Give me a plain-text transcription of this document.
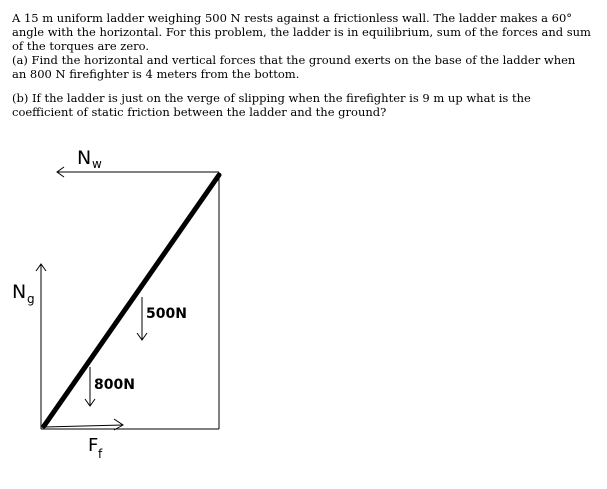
A 15 m uniform ladder weighing 500 N rests against a frictionless wall. The ladder makes a 60° angle with the horizontal. For this problem, the ladder is in equilibrium, sum of the forces and sum of the torques are zero.

(a) Find the horizontal and vertical forces that the ground exerts on the base of the ladder when an 800 N firefighter is 4 meters from the bottom.

(b) If the ladder is just on the verge of slipping when the firefighter is 9 m up what is the coefficient of static friction between the ladder and the ground?

N w
N g
500N
800N
F f
